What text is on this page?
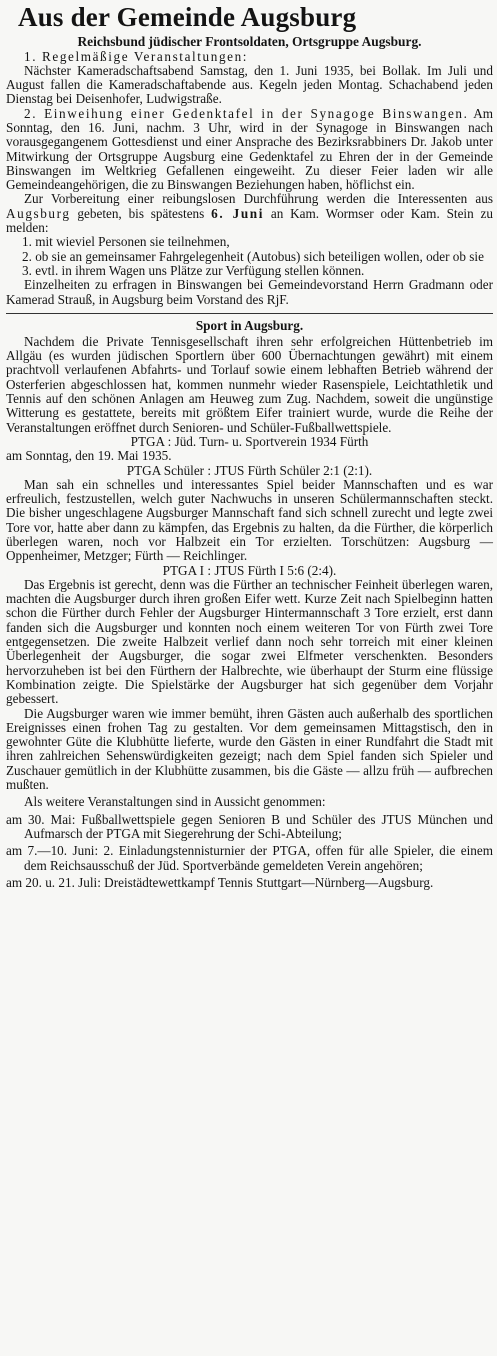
Aus der Gemeinde Augsburg
Reichsbund jüdischer Frontsoldaten, Ortsgruppe Augsburg.

1. Regelmäßige Veranstaltungen:

Nächster Kameradschaftsabend Samstag, den 1. Juni 1935, bei Bollak. Im Juli und August fallen die Kameradschaftabende aus. Kegeln jeden Montag. Schachabend jeden Dienstag bei Deisenhofer, Ludwigstraße.

2. Einweihung einer Gedenktafel in der Synagoge Binswangen. Am Sonntag, den 16. Juni, nachm. 3 Uhr, wird in der Synagoge in Binswangen nach vorausgegangenem Gottesdienst und einer Ansprache des Bezirksrabbiners Dr. Jakob unter Mitwirkung der Ortsgruppe Augsburg eine Gedenktafel zu Ehren der in der Gemeinde Binswangen im Weltkrieg Gefallenen eingeweiht. Zu dieser Feier laden wir alle Gemeindeangehörigen, die zu Binswangen Beziehungen haben, höflichst ein.

Zur Vorbereitung einer reibungslosen Durchführung werden die Interessenten aus Augsburg gebeten, bis spätestens 6. Juni an Kam. Wormser oder Kam. Stein zu melden:

1. mit wieviel Personen sie teilnehmen,
2. ob sie an gemeinsamer Fahrgelegenheit (Autobus) sich beteiligen wollen, oder ob sie
3. evtl. in ihrem Wagen uns Plätze zur Verfügung stellen können.

Einzelheiten zu erfragen in Binswangen bei Gemeindevorstand Herrn Gradmann oder Kamerad Strauß, in Augsburg beim Vorstand des RjF.

Sport in Augsburg.

Nachdem die Private Tennisgesellschaft ihren sehr erfolgreichen Hüttenbetrieb im Allgäu (es wurden jüdischen Sportlern über 600 Übernachtungen gewährt) mit einem prachtvoll verlaufenen Abfahrts- und Torlauf sowie einem lebhaften Betrieb während der Osterferien abgeschlossen hat, kommen nunmehr wieder Rasenspiele, Leichtathletik und Tennis auf den schönen Anlagen am Heuweg zum Zug. Nachdem, soweit die ungünstige Witterung es gestattete, bereits mit größtem Eifer trainiert wurde, wurde die Reihe der Veranstaltungen eröffnet durch Senioren- und Schüler-Fußballwettspiele.

PTGA : Jüd. Turn- u. Sportverein 1934 Fürth

am Sonntag, den 19. Mai 1935.

PTGA Schüler : JTUS Fürth Schüler 2:1 (2:1).

Man sah ein schnelles und interessantes Spiel beider Mannschaften und es war erfreulich, festzustellen, welch guter Nachwuchs in unseren Schülermannschaften steckt. Die bisher ungeschlagene Augsburger Mannschaft fand sich schnell zurecht und legte zwei Tore vor, hatte aber dann zu kämpfen, das Ergebnis zu halten, da die Fürther, die körperlich überlegen waren, noch vor Halbzeit ein Tor erzielten. Torschützen: Augsburg — Oppenheimer, Metzger; Fürth — Reichlinger.

PTGA I : JTUS Fürth I 5:6 (2:4).

Das Ergebnis ist gerecht, denn was die Fürther an technischer Feinheit überlegen waren, machten die Augsburger durch ihren großen Eifer wett. Kurze Zeit nach Spielbeginn hatten schon die Fürther durch Fehler der Augsburger Hintermannschaft 3 Tore erzielt, erst dann fanden sich die Augsburger und konnten noch einem weiteren Tor von Fürth zwei Tore entgegensetzen. Die zweite Halbzeit verlief dann noch sehr torreich mit einer kleinen Überlegenheit der Augsburger, die sogar zwei Elfmeter verschenkten. Besonders hervorzuheben ist bei den Fürthern der Halbrechte, wie überhaupt der Sturm eine flüssige Kombination zeigte. Die Spielstärke der Augsburger hat sich gegenüber dem Vorjahr gebessert.

Die Augsburger waren wie immer bemüht, ihren Gästen auch außerhalb des sportlichen Ereignisses einen frohen Tag zu gestalten. Vor dem gemeinsamen Mittagstisch, den in gewohnter Güte die Klubhütte lieferte, wurde den Gästen in einer Rundfahrt die Stadt mit ihren zahlreichen Sehenswürdigkeiten gezeigt; nach dem Spiel fanden sich Spieler und Zuschauer gemütlich in der Klubhütte zusammen, bis die Gäste — allzu früh — aufbrechen mußten.

Als weitere Veranstaltungen sind in Aussicht genommen:

am 30. Mai: Fußballwettspiele gegen Senioren B und Schüler des JTUS München und Aufmarsch der PTGA mit Siegerehrung der Schi-Abteilung;
am 7.—10. Juni: 2. Einladungstennisturnier der PTGA, offen für alle Spieler, die einem dem Reichsausschuß der Jüd. Sportverbände gemeldeten Verein angehören;
am 20. u. 21. Juli: Dreistädtewettkampf Tennis Stuttgart—Nürnberg—Augsburg.
